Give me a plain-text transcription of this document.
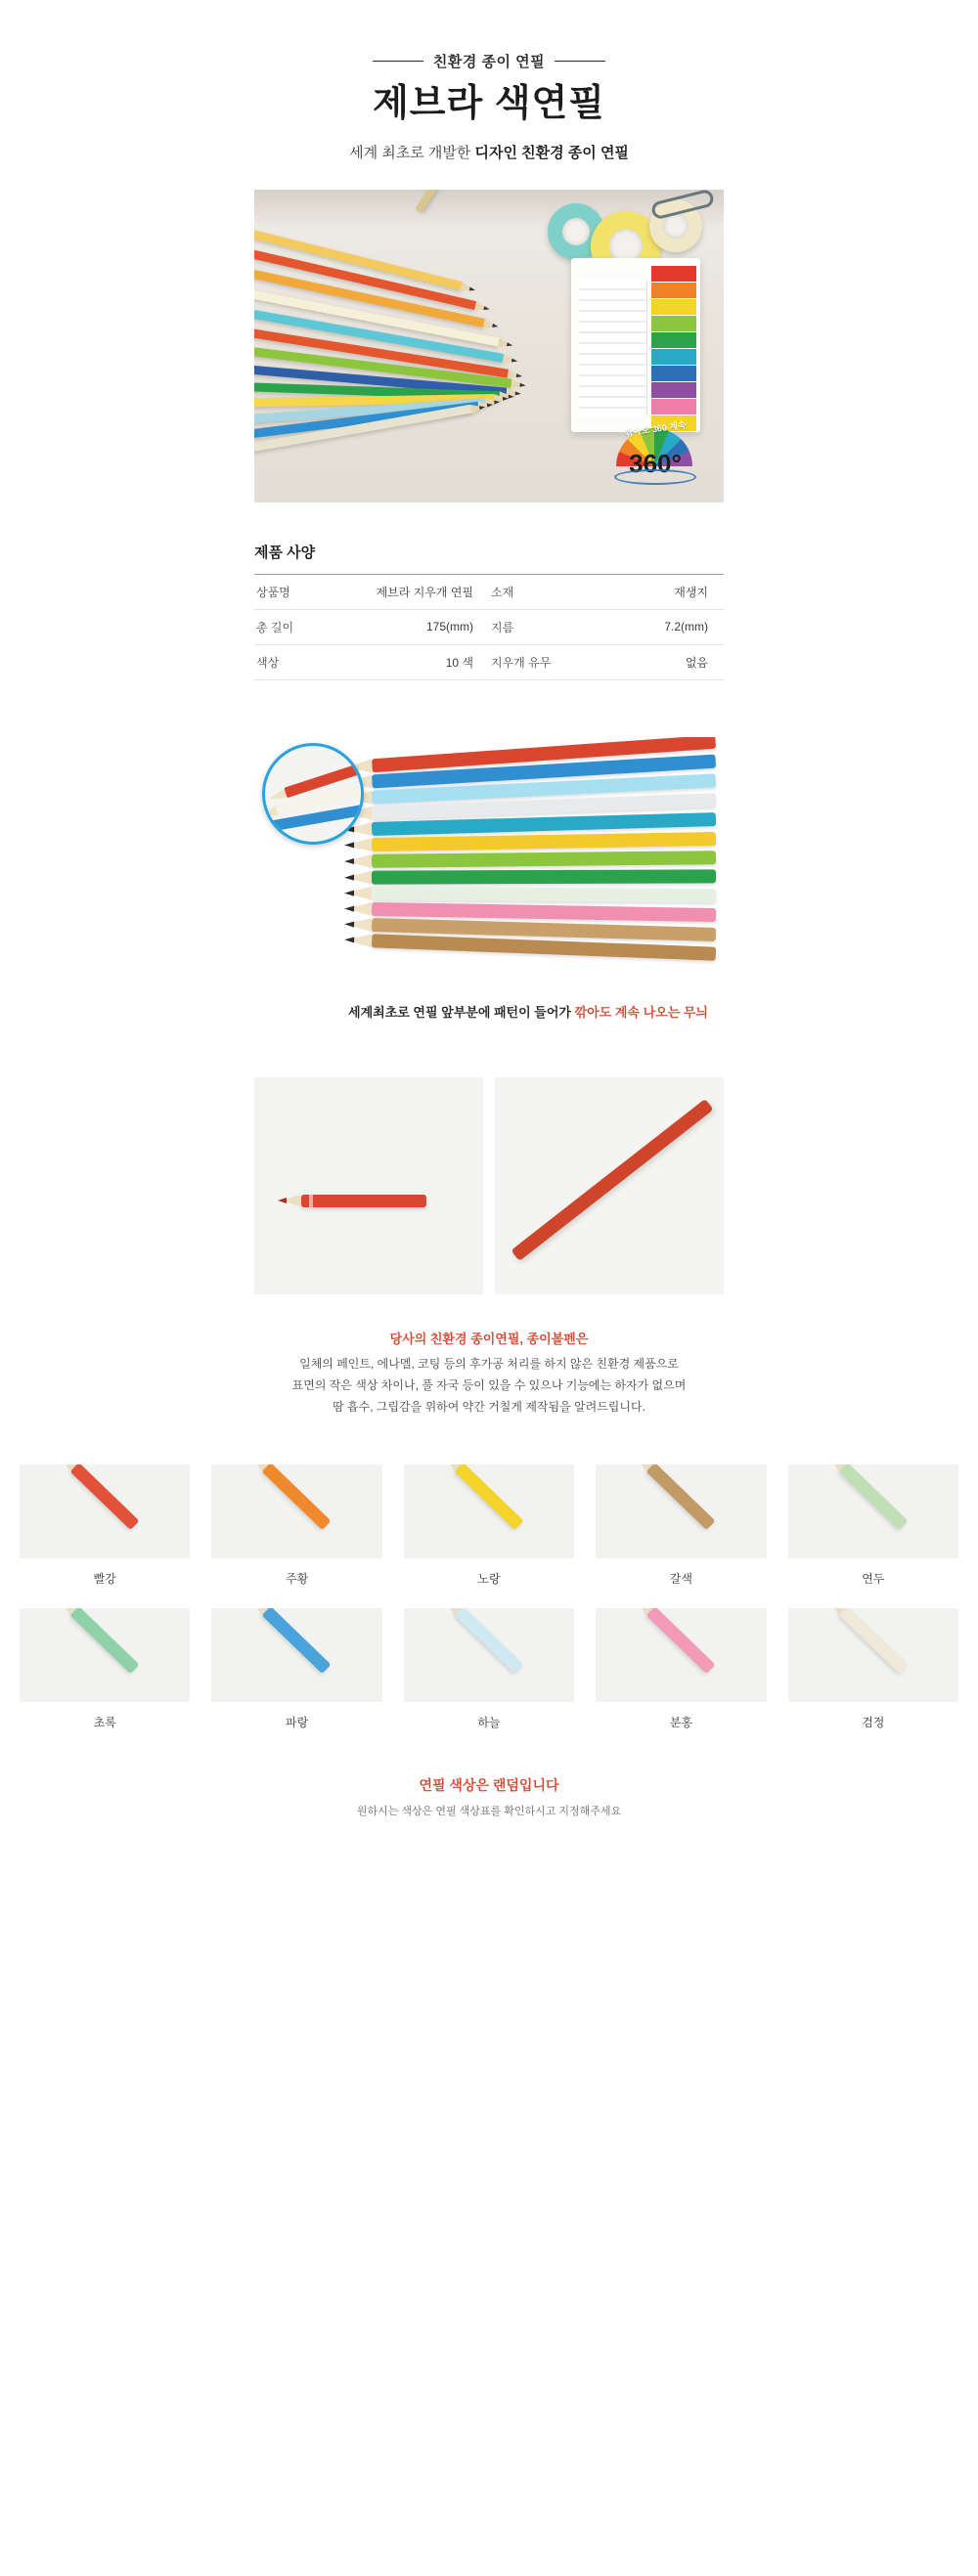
친환경 종이 연필
제브라 색연필
세계 최초로 개발한 디자인 친환경 종이 연필
깎아도 360 계속
360°
제품 사양
상품명	제브라 지우개 연필	소재	재생지
총 길이	175(mm)	지름	7.2(mm)
색상	10 색	지우개 유무	없음
세계최초로 연필 앞부분에 패턴이 들어가 깎아도 계속 나오는 무늬
당사의 친환경 종이연필, 종이볼펜은
일체의 페인트, 에나멜, 코팅 등의 후가공 처리를 하지 않은 친환경 제품으로
표면의 작은 색상 차이나, 풀 자국 등이 있을 수 있으나 기능에는 하자가 없으며
땀 흡수, 그립감을 위하여 약간 거칠게 제작됨을 알려드립니다.
빨강	주황	노랑	갈색	연두
초록	파랑	하늘	분홍	검정
연필 색상은 랜덤입니다
원하시는 색상은 연필 색상표를 확인하시고 지정해주세요
